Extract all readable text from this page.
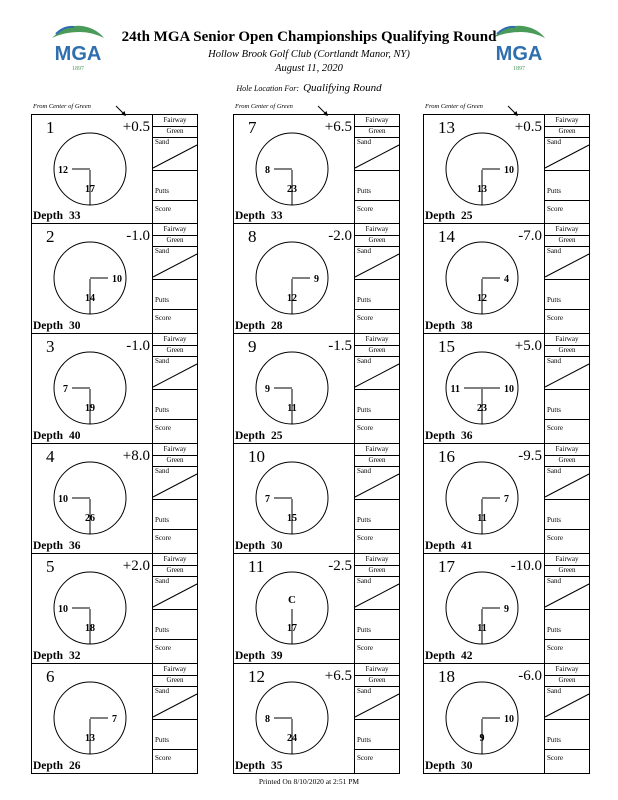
MGA
1897
MGA
1897
24th MGA Senior Open Championships Qualifying Round
Hollow Brook Golf Club (Cortlandt Manor, NY)
August 11, 2020
Hole Location For: Qualifying Round
From Center of Green
1	+0.5
12
17
Depth 33
Fairway
Green
Sand
Putts
Score
2	-1.0
10
14
Depth 30
Fairway
Green
Sand
Putts
Score
3	-1.0
7
19
Depth 40
Fairway
Green
Sand
Putts
Score
4	+8.0
10
26
Depth 36
Fairway
Green
Sand
Putts
Score
5	+2.0
10
18
Depth 32
Fairway
Green
Sand
Putts
Score
6
7
13
Depth 26
Fairway
Green
Sand
Putts
Score
From Center of Green
7	+6.5
8
23
Depth 33
Fairway
Green
Sand
Putts
Score
8	-2.0
9
12
Depth 28
Fairway
Green
Sand
Putts
Score
9	-1.5
9
11
Depth 25
Fairway
Green
Sand
Putts
Score
10
7
15
Depth 30
Fairway
Green
Sand
Putts
Score
11	-2.5
C
17
Depth 39
Fairway
Green
Sand
Putts
Score
12	+6.5
8
24
Depth 35
Fairway
Green
Sand
Putts
Score
From Center of Green
13	+0.5
10
13
Depth 25
Fairway
Green
Sand
Putts
Score
14	-7.0
4
12
Depth 38
Fairway
Green
Sand
Putts
Score
15	+5.0
11	10
23
Depth 36
Fairway
Green
Sand
Putts
Score
16	-9.5
7
11
Depth 41
Fairway
Green
Sand
Putts
Score
17	-10.0
9
11
Depth 42
Fairway
Green
Sand
Putts
Score
18	-6.0
10
9
Depth 30
Fairway
Green
Sand
Putts
Score
Printed On 8/10/2020 at 2:51 PM
